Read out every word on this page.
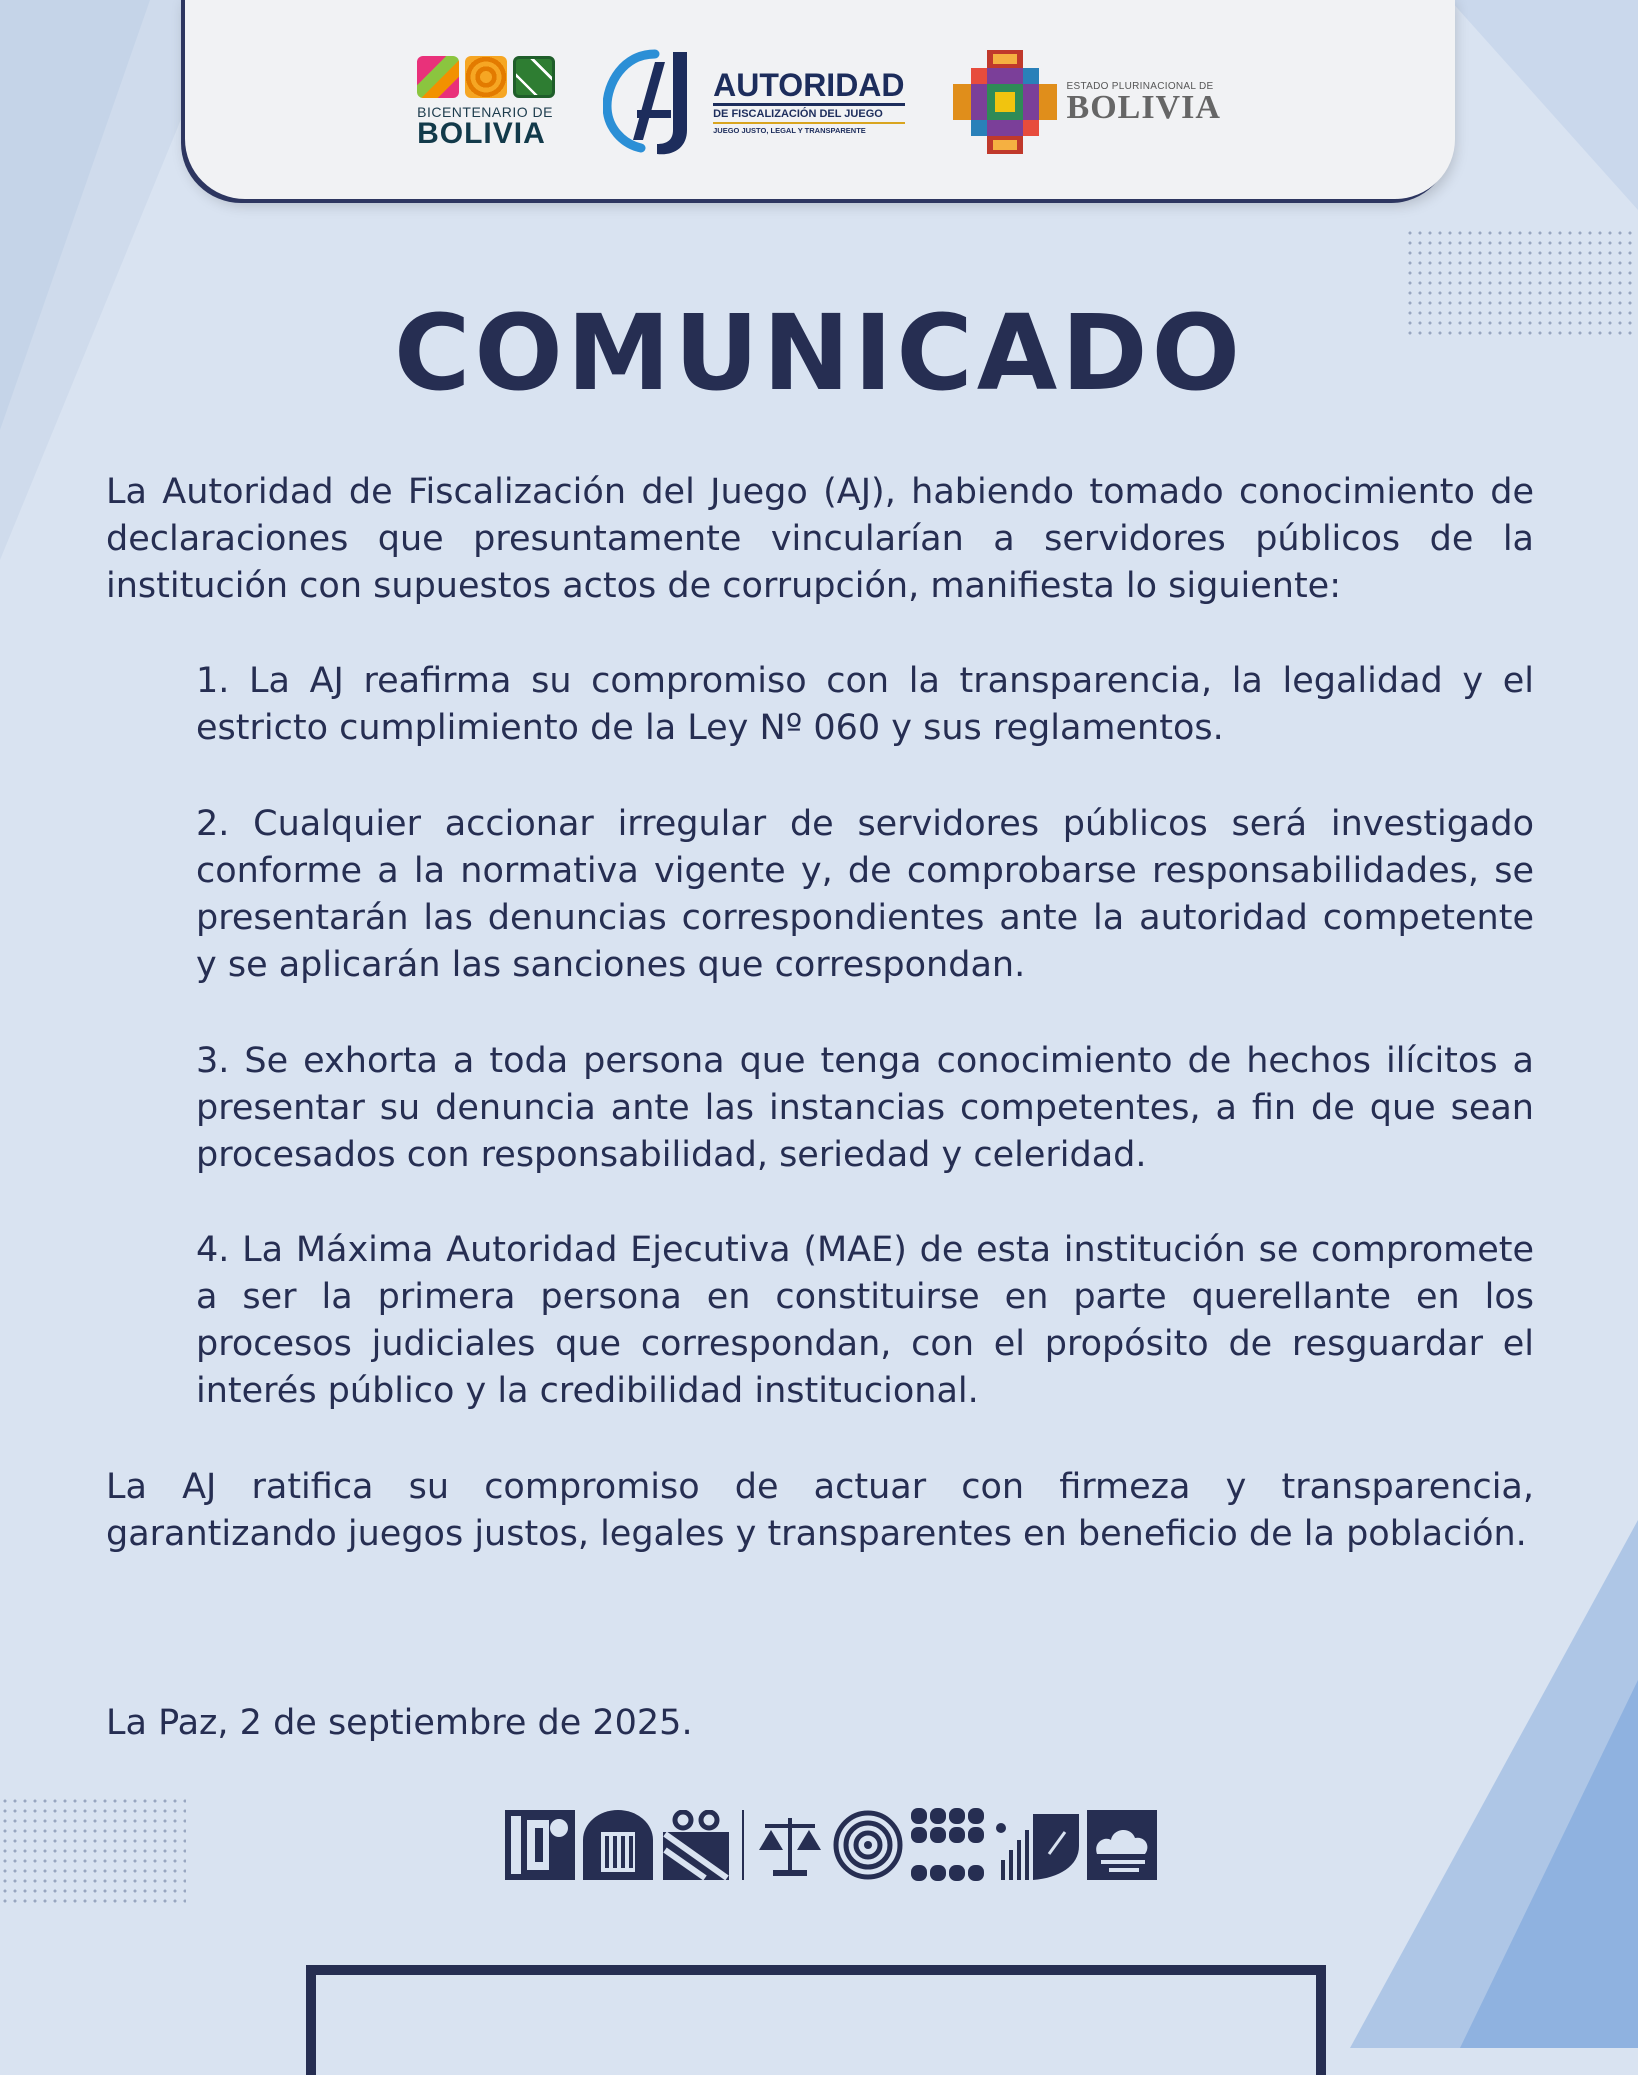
BICENTENARIO DE
BOLIVIA
AUTORIDAD
DE FISCALIZACIÓN DEL JUEGO
JUEGO JUSTO, LEGAL Y TRANSPARENTE
ESTADO PLURINACIONAL DE
BOLIVIA
COMUNICADO

La Autoridad de Fiscalización del Juego (AJ), habiendo tomado conocimiento de declaraciones que presuntamente vincularían a servidores públicos de la institución con supuestos actos de corrupción, manifiesta lo siguiente:

1. La AJ reafirma su compromiso con la transparencia, la legalidad y el estricto cumplimiento de la Ley Nº 060 y sus reglamentos.

2. Cualquier accionar irregular de servidores públicos será investigado conforme a la normativa vigente y, de comprobarse responsabilidades, se presentarán las denuncias correspondientes ante la autoridad competente y se aplicarán las sanciones que correspondan.

3. Se exhorta a toda persona que tenga conocimiento de hechos ilícitos a presentar su denuncia ante las instancias competentes, a fin de que sean procesados con responsabilidad, seriedad y celeridad.

4. La Máxima Autoridad Ejecutiva (MAE) de esta institución se compromete a ser la primera persona en constituirse en parte querellante en los procesos judiciales que correspondan, con el propósito de resguardar el interés público y la credibilidad institucional.

La AJ ratifica su compromiso de actuar con firmeza y transparencia, garantizando juegos justos, legales y transparentes en beneficio de la población.

La Paz, 2 de septiembre de 2025.
